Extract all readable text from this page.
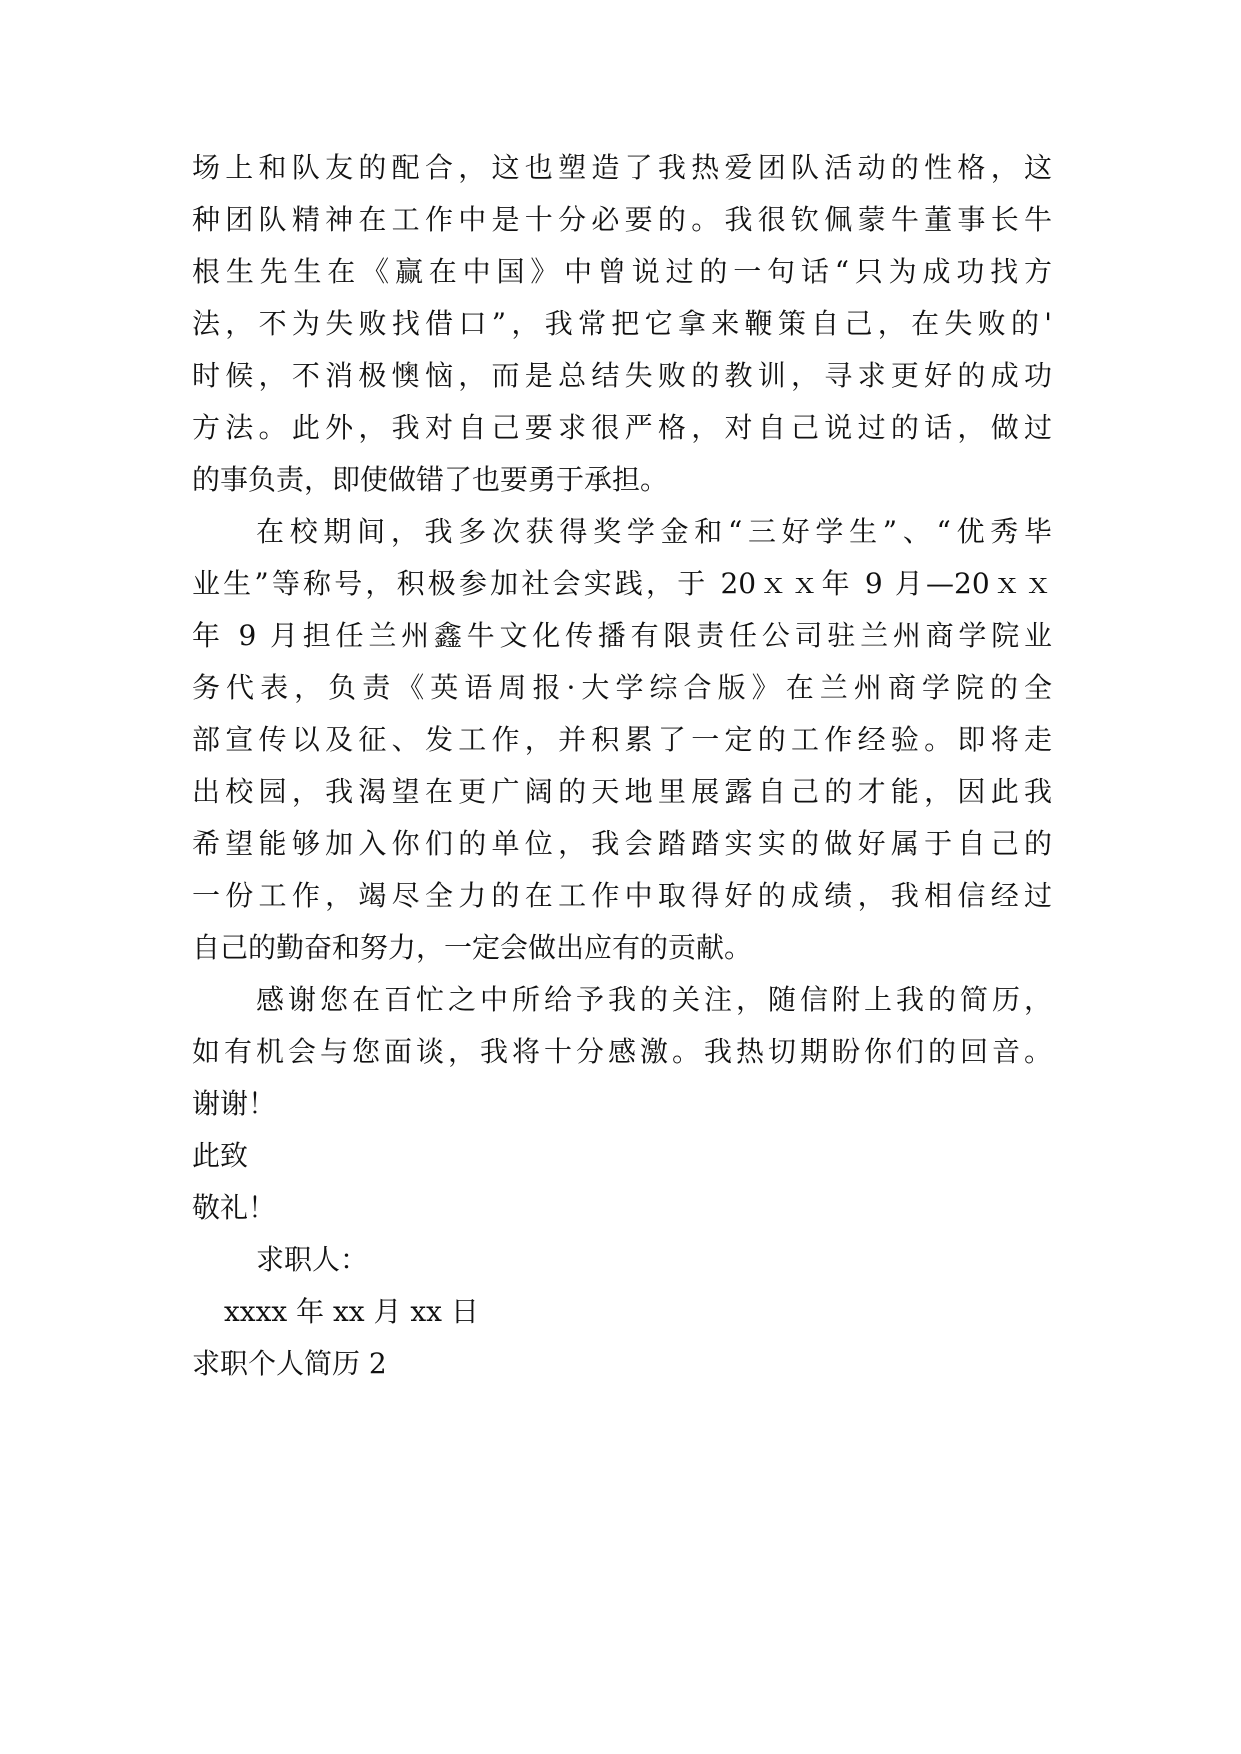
场上和队友的配合，这也塑造了我热爱团队活动的性格，这
种团队精神在工作中是十分必要的。我很钦佩蒙牛董事长牛
根生先生在《赢在中国》中曾说过的一句话“只为成功找方
法，不为失败找借口”，我常把它拿来鞭策自己，在失败的'
时候，不消极懊恼，而是总结失败的教训，寻求更好的成功
方法。此外，我对自己要求很严格，对自己说过的话，做过
的事负责，即使做错了也要勇于承担。
在校期间，我多次获得奖学金和“三好学生”、“优秀毕
业生”等称号，积极参加社会实践，于 20ｘｘ年 9 月—20ｘｘ
年 9 月担任兰州鑫牛文化传播有限责任公司驻兰州商学院业
务代表，负责《英语周报·大学综合版》在兰州商学院的全
部宣传以及征、发工作，并积累了一定的工作经验。即将走
出校园，我渴望在更广阔的天地里展露自己的才能，因此我
希望能够加入你们的单位，我会踏踏实实的做好属于自己的
一份工作，竭尽全力的在工作中取得好的成绩，我相信经过
自己的勤奋和努力，一定会做出应有的贡献。
感谢您在百忙之中所给予我的关注，随信附上我的简历，
如有机会与您面谈，我将十分感激。我热切期盼你们的回音。
谢谢！
此致
敬礼！
求职人：
xxxx 年 xx 月 xx 日
求职个人简历 2
